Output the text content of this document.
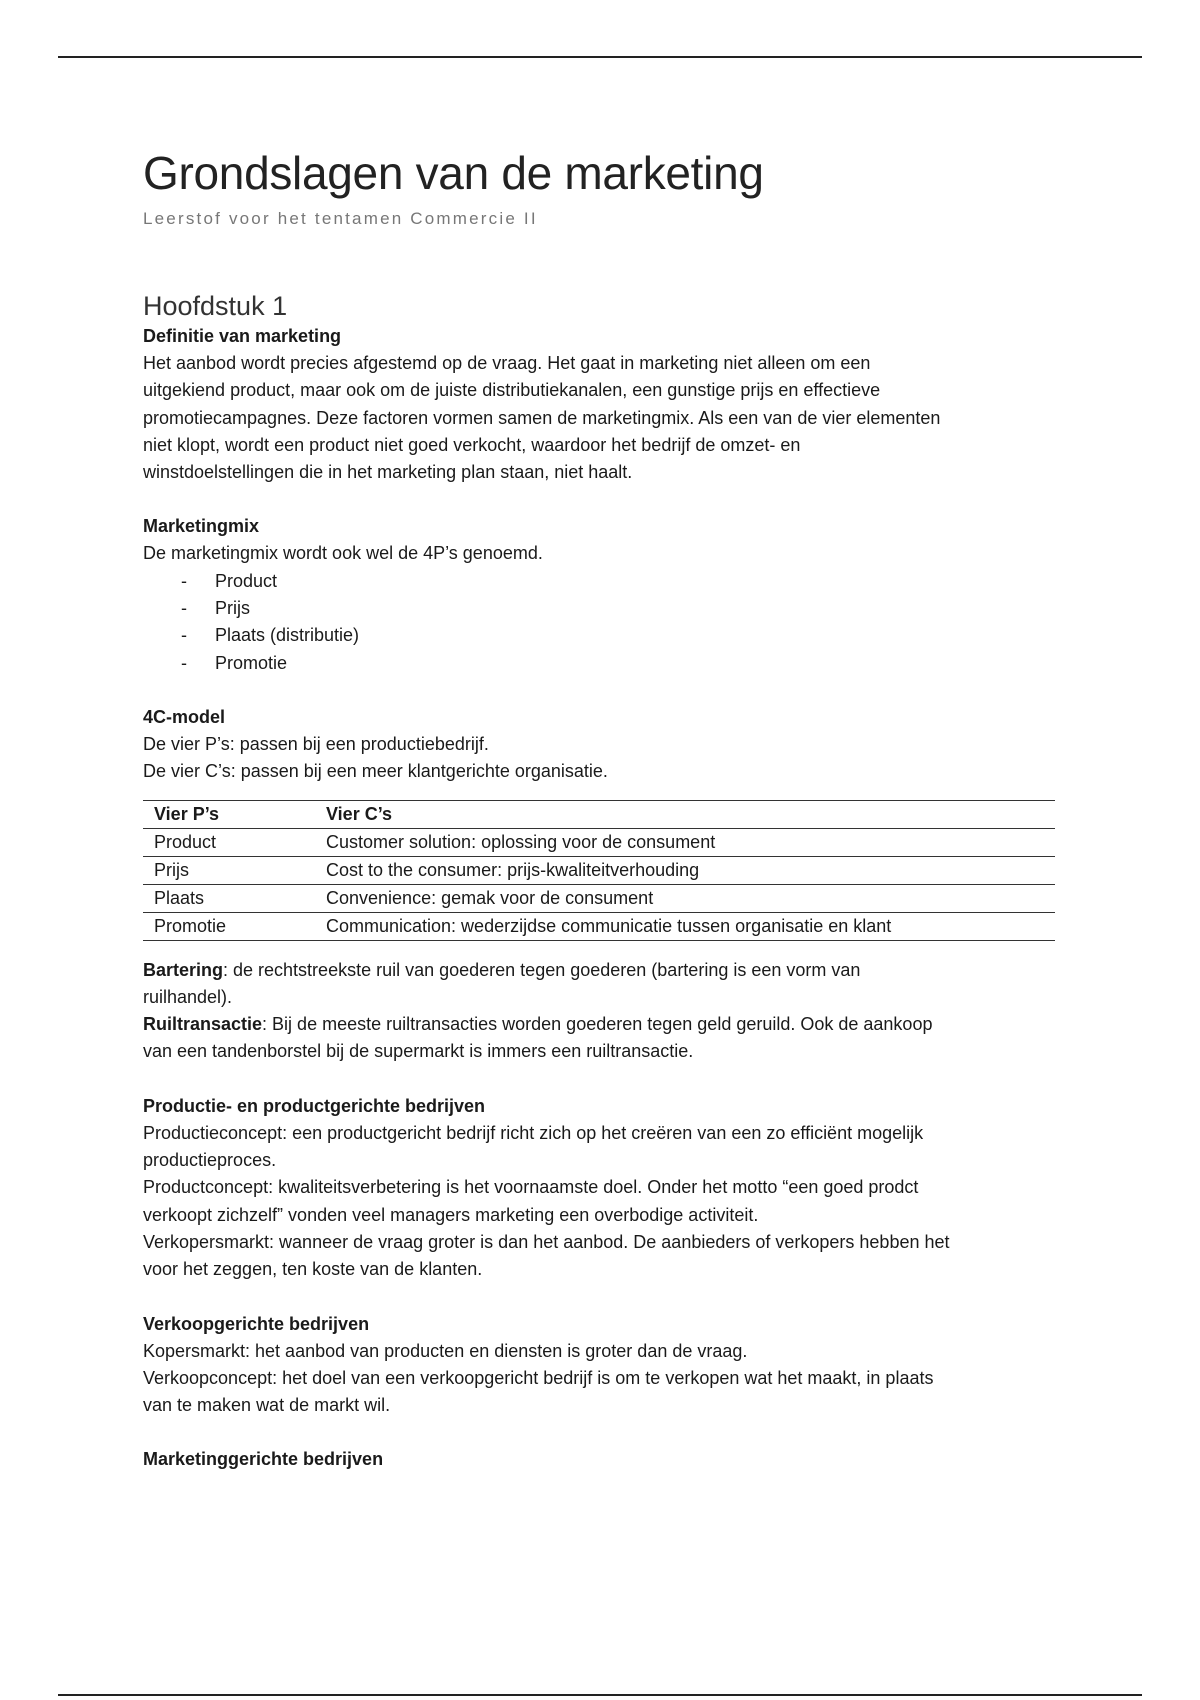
Grondslagen van de marketing
Leerstof voor het tentamen Commercie II
Hoofdstuk 1

Definitie van marketing

Het aanbod wordt precies afgestemd op de vraag. Het gaat in marketing niet alleen om een

uitgekiend product, maar ook om de juiste distributiekanalen, een gunstige prijs en effectieve

promotiecampagnes. Deze factoren vormen samen de marketingmix. Als een van de vier elementen

niet klopt, wordt een product niet goed verkocht, waardoor het bedrijf de omzet- en

winstdoelstellingen die in het marketing plan staan, niet haalt.

Marketingmix

De marketingmix wordt ook wel de 4P’s genoemd.

- Product
- Prijs
- Plaats (distributie)
- Promotie

4C-model

De vier P’s: passen bij een productiebedrijf.

De vier C’s: passen bij een meer klantgerichte organisatie.

Vier P’s	Vier C’s
Product	Customer solution: oplossing voor de consument
Prijs	Cost to the consumer: prijs-kwaliteitverhouding
Plaats	Convenience: gemak voor de consument
Promotie	Communication: wederzijdse communicatie tussen organisatie en klant

Bartering: de rechtstreekste ruil van goederen tegen goederen (bartering is een vorm van

ruilhandel).

Ruiltransactie: Bij de meeste ruiltransacties worden goederen tegen geld geruild. Ook de aankoop

van een tandenborstel bij de supermarkt is immers een ruiltransactie.

Productie- en productgerichte bedrijven

Productieconcept: een productgericht bedrijf richt zich op het creëren van een zo efficiënt mogelijk

productieproces.

Productconcept: kwaliteitsverbetering is het voornaamste doel. Onder het motto “een goed prodct

verkoopt zichzelf” vonden veel managers marketing een overbodige activiteit.

Verkopersmarkt: wanneer de vraag groter is dan het aanbod. De aanbieders of verkopers hebben het

voor het zeggen, ten koste van de klanten.

Verkoopgerichte bedrijven

Kopersmarkt: het aanbod van producten en diensten is groter dan de vraag.

Verkoopconcept: het doel van een verkoopgericht bedrijf is om te verkopen wat het maakt, in plaats

van te maken wat de markt wil.

Marketinggerichte bedrijven
